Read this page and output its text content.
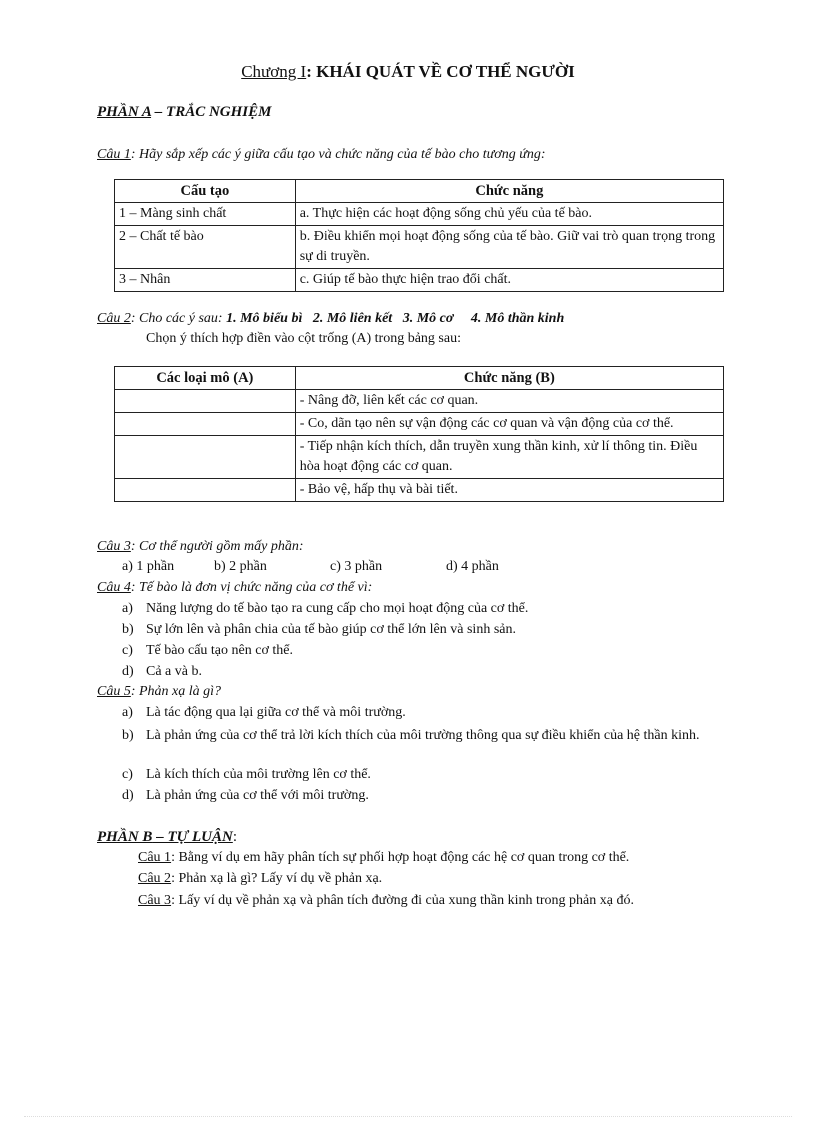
Chương I: KHÁI QUÁT VỀ CƠ THỂ NGƯỜI
PHẦN A – TRẮC NGHIỆM
Câu 1: Hãy sắp xếp các ý giữa cấu tạo và chức năng của tế bào cho tương ứng:
Cấu tạo	Chức năng
1 – Màng sinh chất	a. Thực hiện các hoạt động sống chủ yếu của tế bào.
2 – Chất tế bào	b. Điều khiển mọi hoạt động sống của tế bào. Giữ vai trò quan trọng trong sự di truyền.
3 – Nhân	c. Giúp tế bào thực hiện trao đổi chất.
Câu 2: Cho các ý sau: 1. Mô biểu bì 2. Mô liên kết 3. Mô cơ 4. Mô thần kinh
Chọn ý thích hợp điền vào cột trống (A) trong bảng sau:
Các loại mô (A)	Chức năng (B)
	- Nâng đỡ, liên kết các cơ quan.
	- Co, dãn tạo nên sự vận động các cơ quan và vận động của cơ thể.
	- Tiếp nhận kích thích, dẫn truyền xung thần kinh, xử lí thông tin. Điều hòa hoạt động các cơ quan.
	- Bảo vệ, hấp thụ và bài tiết.
Câu 3: Cơ thể người gồm mấy phần:
a) 1 phần	b) 2 phần	c) 3 phần	d) 4 phần
Câu 4: Tế bào là đơn vị chức năng của cơ thể vì:
a) Năng lượng do tế bào tạo ra cung cấp cho mọi hoạt động của cơ thể.
b) Sự lớn lên và phân chia của tế bào giúp cơ thể lớn lên và sinh sản.
c) Tế bào cấu tạo nên cơ thể.
d) Cả a và b.
Câu 5: Phản xạ là gì?
a) Là tác động qua lại giữa cơ thể và môi trường.
b) Là phản ứng của cơ thể trả lời kích thích của môi trường thông qua sự điều khiển của hệ thần kinh.
c) Là kích thích của môi trường lên cơ thể.
d) Là phản ứng của cơ thể với môi trường.
PHẦN B – TỰ LUẬN:
Câu 1: Bằng ví dụ em hãy phân tích sự phối hợp hoạt động các hệ cơ quan trong cơ thể.
Câu 2: Phản xạ là gì? Lấy ví dụ về phản xạ.
Câu 3: Lấy ví dụ về phản xạ và phân tích đường đi của xung thần kinh trong phản xạ đó.
